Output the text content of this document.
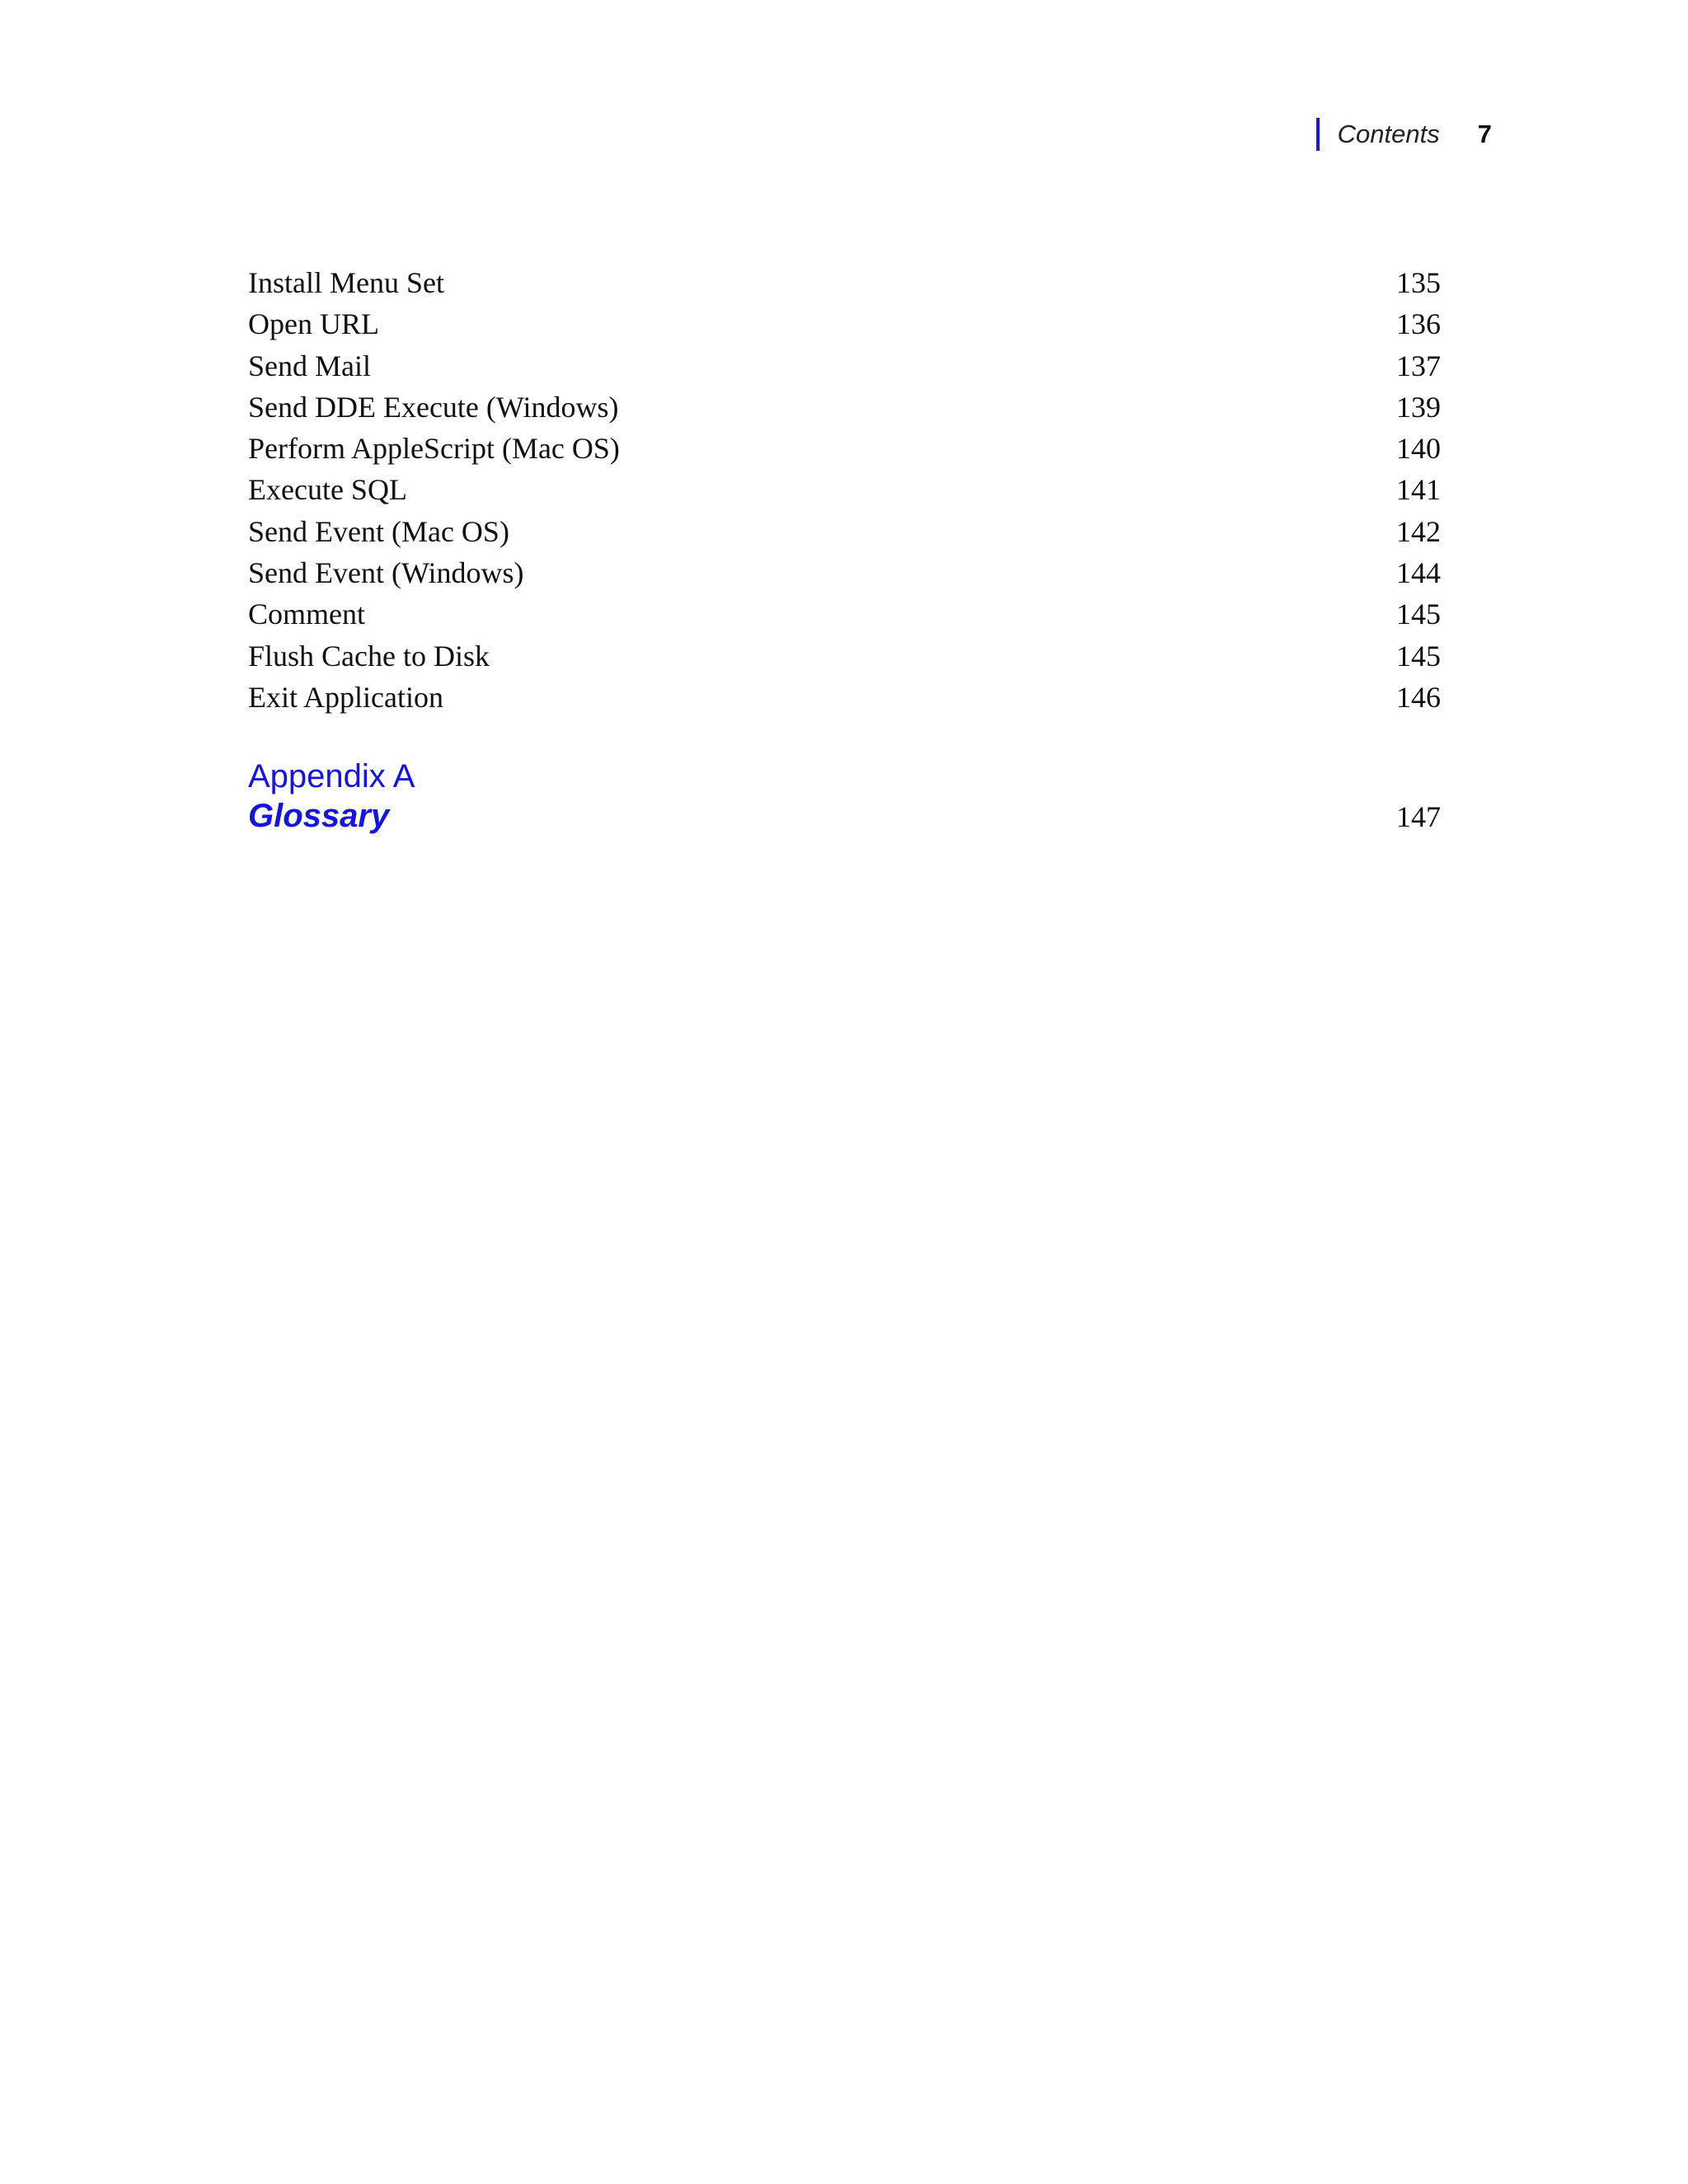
Contents 7
Install Menu Set	135
Open URL	136
Send Mail	137
Send DDE Execute (Windows)	139
Perform AppleScript (Mac OS)	140
Execute SQL	141
Send Event (Mac OS)	142
Send Event (Windows)	144
Comment	145
Flush Cache to Disk	145
Exit Application	146
Appendix A
Glossary	147
